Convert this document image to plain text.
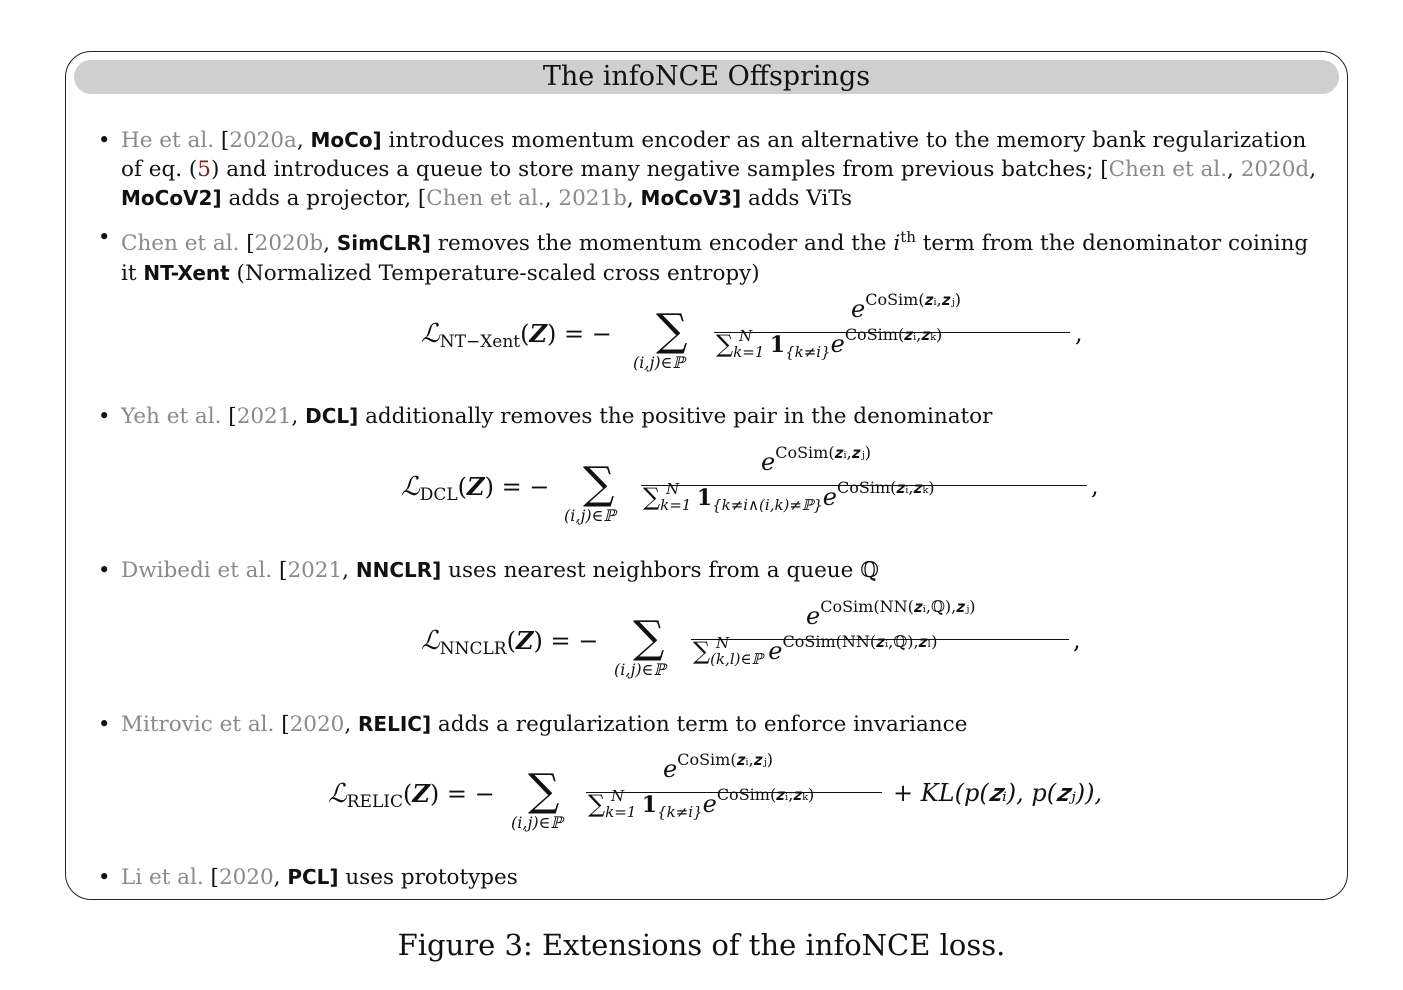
The infoNCE Offsprings
• He et al. [2020a, MoCo] introduces momentum encoder as an alternative to the memory bank regularization of eq. (5) and introduces a queue to store many negative samples from previous batches; [Chen et al., 2020d, MoCoV2] adds a projector, [Chen et al., 2021b, MoCoV3] adds ViTs
• Chen et al. [2020b, SimCLR] removes the momentum encoder and the $i^{th}$ term from the denominator coining it NT-Xent (Normalized Temperature-scaled cross entropy)
ℒ$_{NT-Xent}$(Z) = − ∑
(i,j)∈ℙ
eCoSim(𝒛ᵢ,𝒛ⱼ)
∑k=1 1{k≠i}eCoSim(𝒛ᵢ,𝒛ₖ)
N	,
• Yeh et al. [2021, DCL] additionally removes the positive pair in the denominator
ℒ$_{DCL}$(Z) = − ∑
(i,j)∈ℙ
eCoSim(𝒛ᵢ,𝒛ⱼ)
∑k=1 1{k≠i∧(i,k)≠ℙ}eCoSim(𝒛ᵢ,𝒛ₖ)
N	,
• Dwibedi et al. [2021, NNCLR] uses nearest neighbors from a queue ℚ
ℒ$_{NNCLR}$(Z) = − ∑
(i,j)∈ℙ
eCoSim(NN(𝒛ᵢ,ℚ),𝒛ⱼ)
∑(k,l)∈ℙ eCoSim(NN(𝒛ᵢ,ℚ),𝒛ₗ)
N	,
• Mitrovic et al. [2020, RELIC] adds a regularization term to enforce invariance
ℒ$_{RELIC}$(Z) = − ∑
(i,j)∈ℙ
eCoSim(𝒛ᵢ,𝒛ⱼ)
∑k=1 1{k≠i}eCoSim(𝒛ᵢ,𝒛ₖ)
N	+ KL(p(𝒛ᵢ), p(𝒛ⱼ)),
• Li et al. [2020, PCL] uses prototypes
Figure 3: Extensions of the infoNCE loss.
